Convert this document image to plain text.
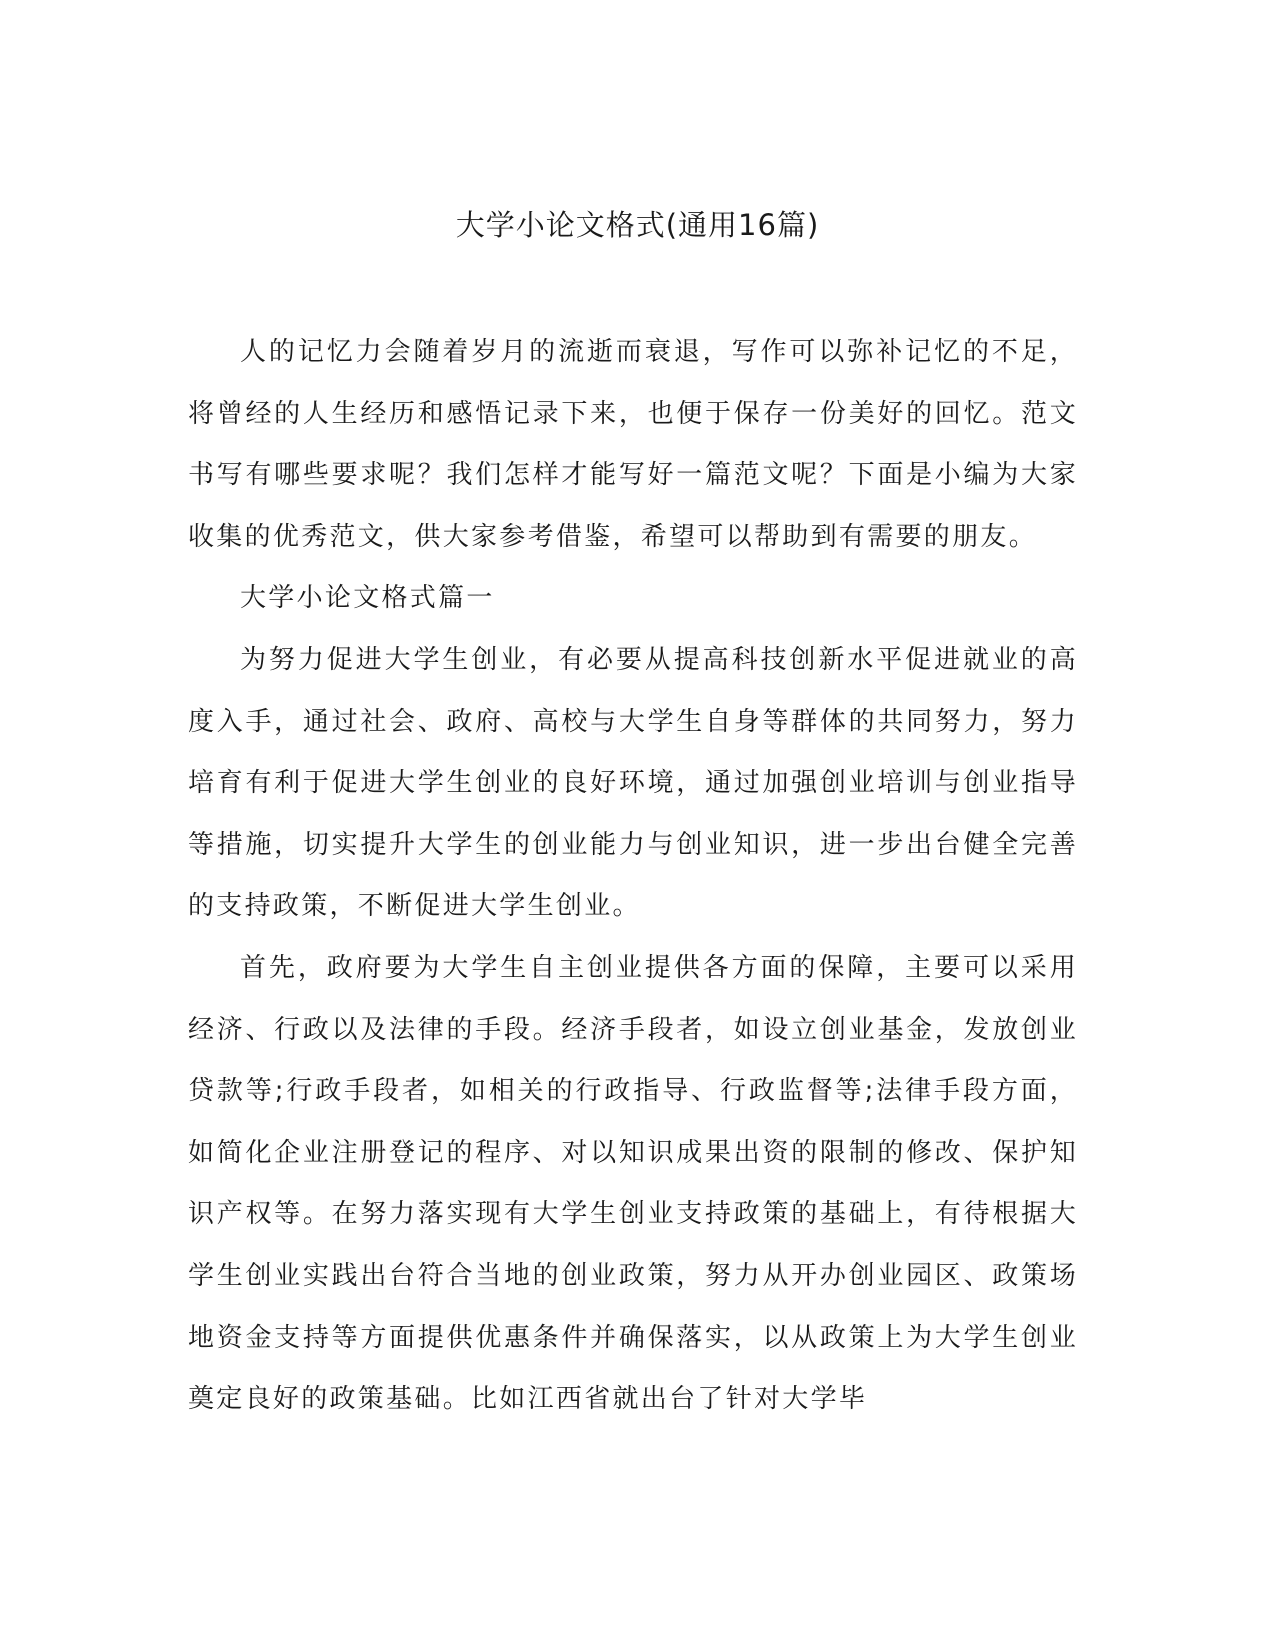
大学小论文格式(通用16篇)

人的记忆力会随着岁月的流逝而衰退，写作可以弥补记忆的不足，将曾经的人生经历和感悟记录下来，也便于保存一份美好的回忆。范文书写有哪些要求呢？我们怎样才能写好一篇范文呢？下面是小编为大家收集的优秀范文，供大家参考借鉴，希望可以帮助到有需要的朋友。

大学小论文格式篇一

为努力促进大学生创业，有必要从提高科技创新水平促进就业的高度入手，通过社会、政府、高校与大学生自身等群体的共同努力，努力培育有利于促进大学生创业的良好环境，通过加强创业培训与创业指导等措施，切实提升大学生的创业能力与创业知识，进一步出台健全完善的支持政策，不断促进大学生创业。

首先，政府要为大学生自主创业提供各方面的保障，主要可以采用经济、行政以及法律的手段。经济手段者，如设立创业基金，发放创业贷款等;行政手段者，如相关的行政指导、行政监督等;法律手段方面，如简化企业注册登记的程序、对以知识成果出资的限制的修改、保护知识产权等。在努力落实现有大学生创业支持政策的基础上，有待根据大学生创业实践出台符合当地的创业政策，努力从开办创业园区、政策场地资金支持等方面提供优惠条件并确保落实，以从政策上为大学生创业奠定良好的政策基础。比如江西省就出台了针对大学毕
